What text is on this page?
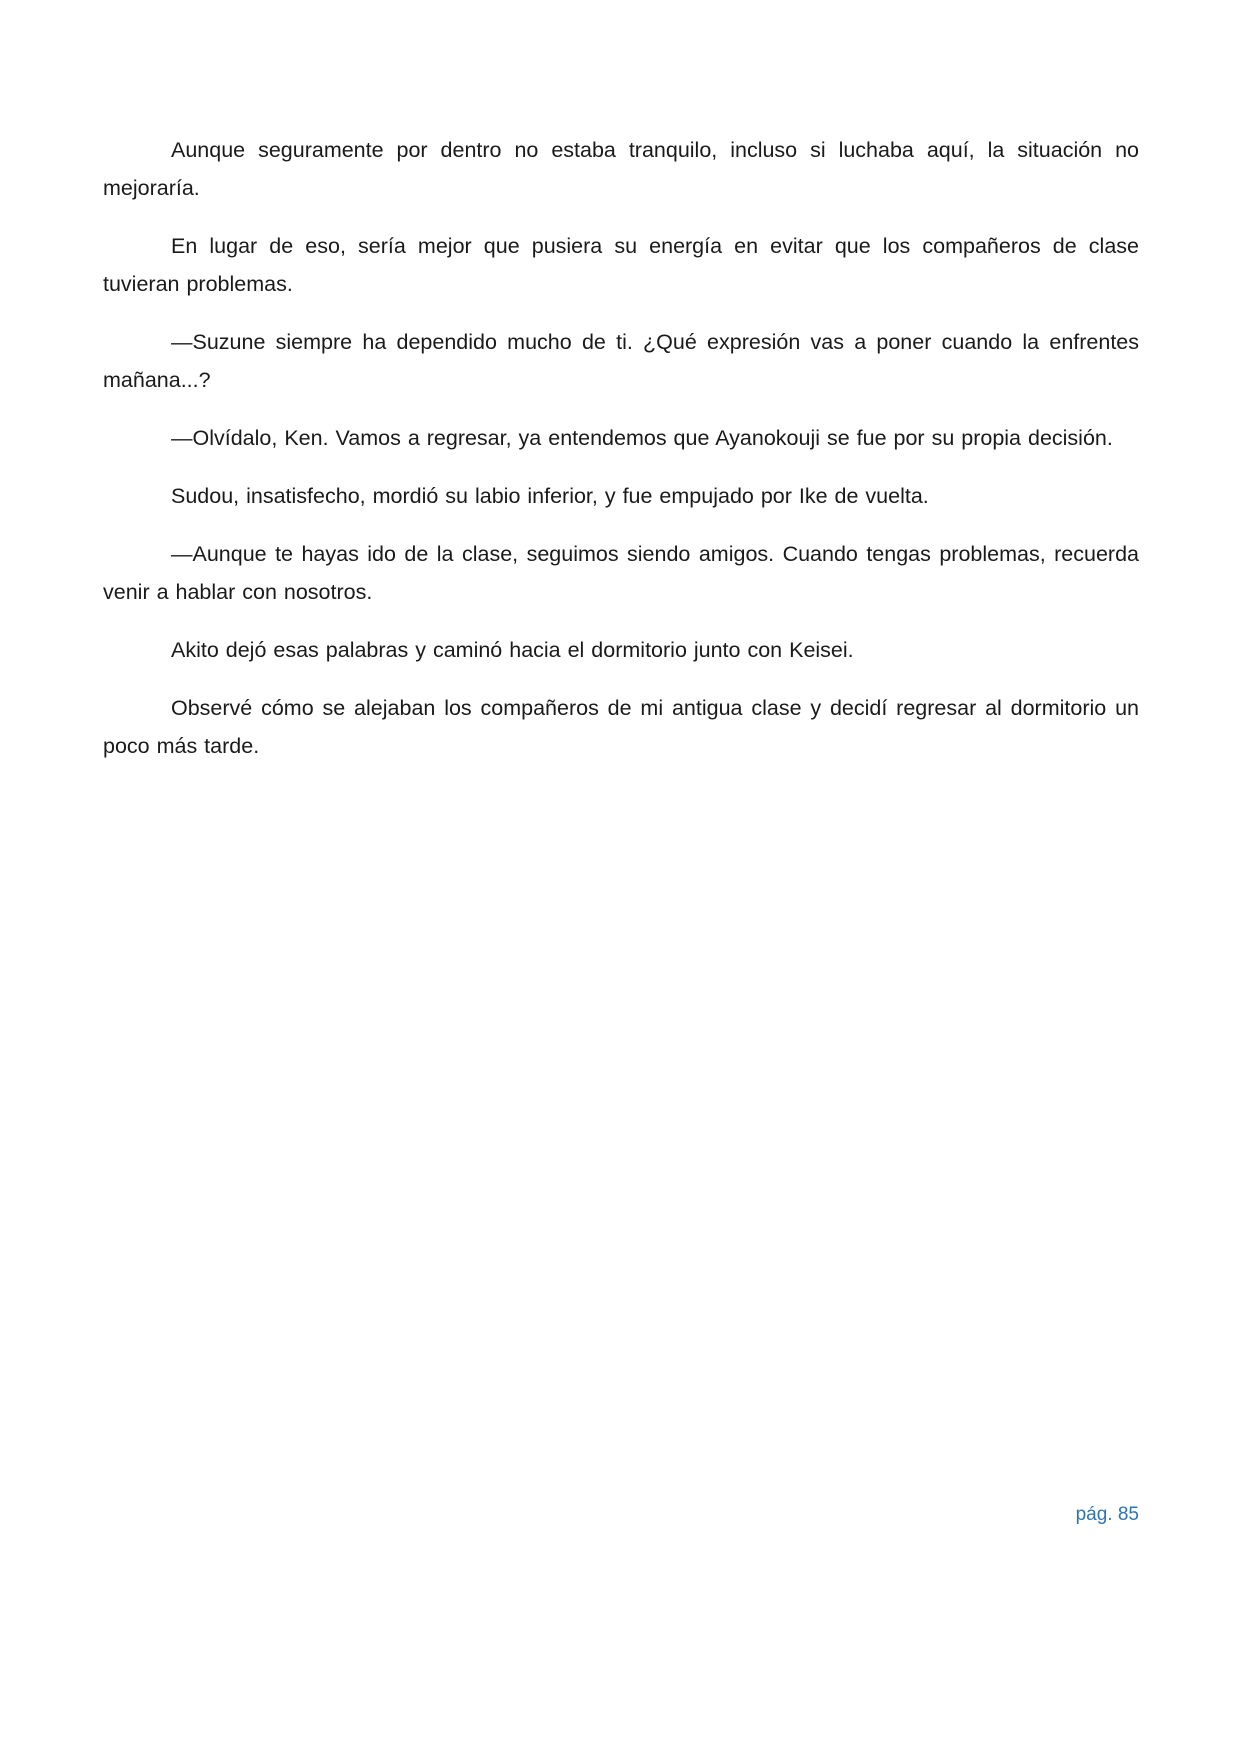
Aunque seguramente por dentro no estaba tranquilo, incluso si luchaba aquí, la situación no mejoraría.

En lugar de eso, sería mejor que pusiera su energía en evitar que los compañeros de clase tuvieran problemas.

—Suzune siempre ha dependido mucho de ti. ¿Qué expresión vas a poner cuando la enfrentes mañana...?

—Olvídalo, Ken. Vamos a regresar, ya entendemos que Ayanokouji se fue por su propia decisión.

Sudou, insatisfecho, mordió su labio inferior, y fue empujado por Ike de vuelta.

—Aunque te hayas ido de la clase, seguimos siendo amigos. Cuando tengas problemas, recuerda venir a hablar con nosotros.

Akito dejó esas palabras y caminó hacia el dormitorio junto con Keisei.

Observé cómo se alejaban los compañeros de mi antigua clase y decidí regresar al dormitorio un poco más tarde.

pág. 85
